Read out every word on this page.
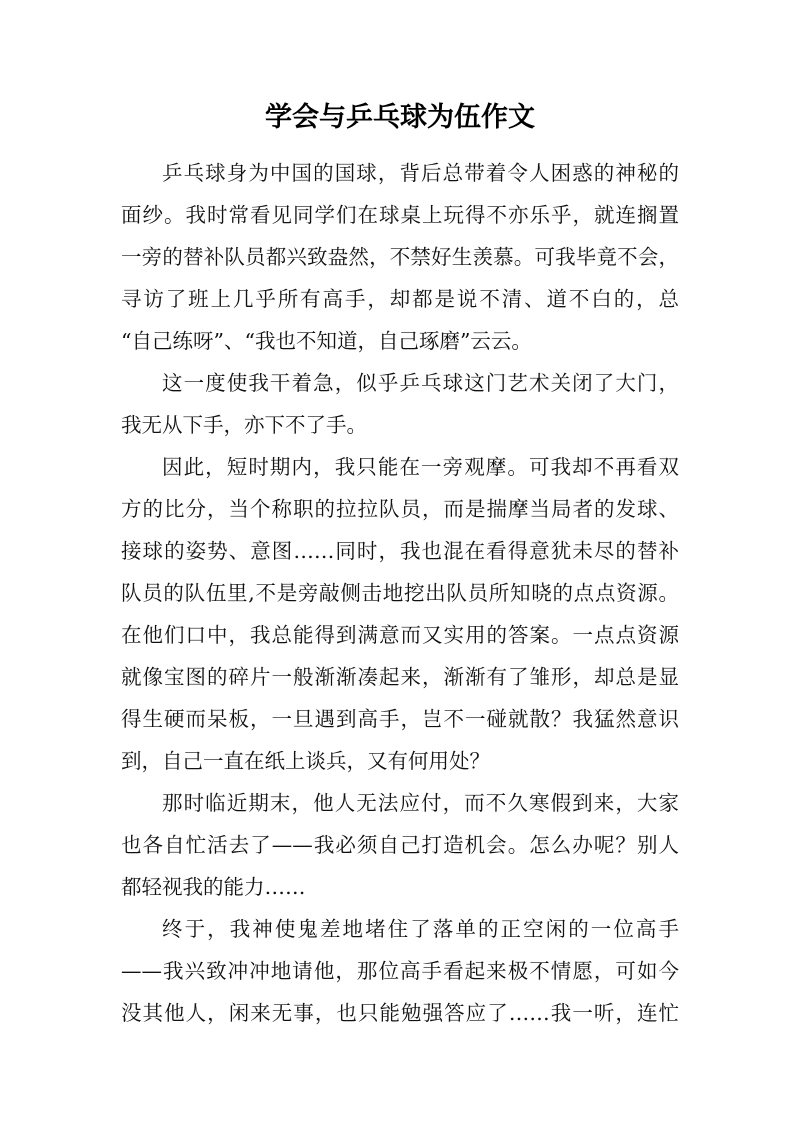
学会与乒乓球为伍作文
乒乓球身为中国的国球，背后总带着令人困惑的神秘的
面纱。我时常看见同学们在球桌上玩得不亦乐乎，就连搁置
一旁的替补队员都兴致盎然，不禁好生羡慕。可我毕竟不会，
寻访了班上几乎所有高手，却都是说不清、道不白的，总
“自己练呀”、“我也不知道，自己琢磨”云云。
这一度使我干着急，似乎乒乓球这门艺术关闭了大门，
我无从下手，亦下不了手。
因此，短时期内，我只能在一旁观摩。可我却不再看双
方的比分，当个称职的拉拉队员，而是揣摩当局者的发球、
接球的姿势、意图……同时，我也混在看得意犹未尽的替补
队员的队伍里,不是旁敲侧击地挖出队员所知晓的点点资源。
在他们口中，我总能得到满意而又实用的答案。一点点资源
就像宝图的碎片一般渐渐凑起来，渐渐有了雏形，却总是显
得生硬而呆板，一旦遇到高手，岂不一碰就散？我猛然意识
到，自己一直在纸上谈兵，又有何用处？
那时临近期末，他人无法应付，而不久寒假到来，大家
也各自忙活去了——我必须自己打造机会。怎么办呢？别人
都轻视我的能力……
终于，我神使鬼差地堵住了落单的正空闲的一位高手
——我兴致冲冲地请他，那位高手看起来极不情愿，可如今
没其他人，闲来无事，也只能勉强答应了……我一听，连忙
